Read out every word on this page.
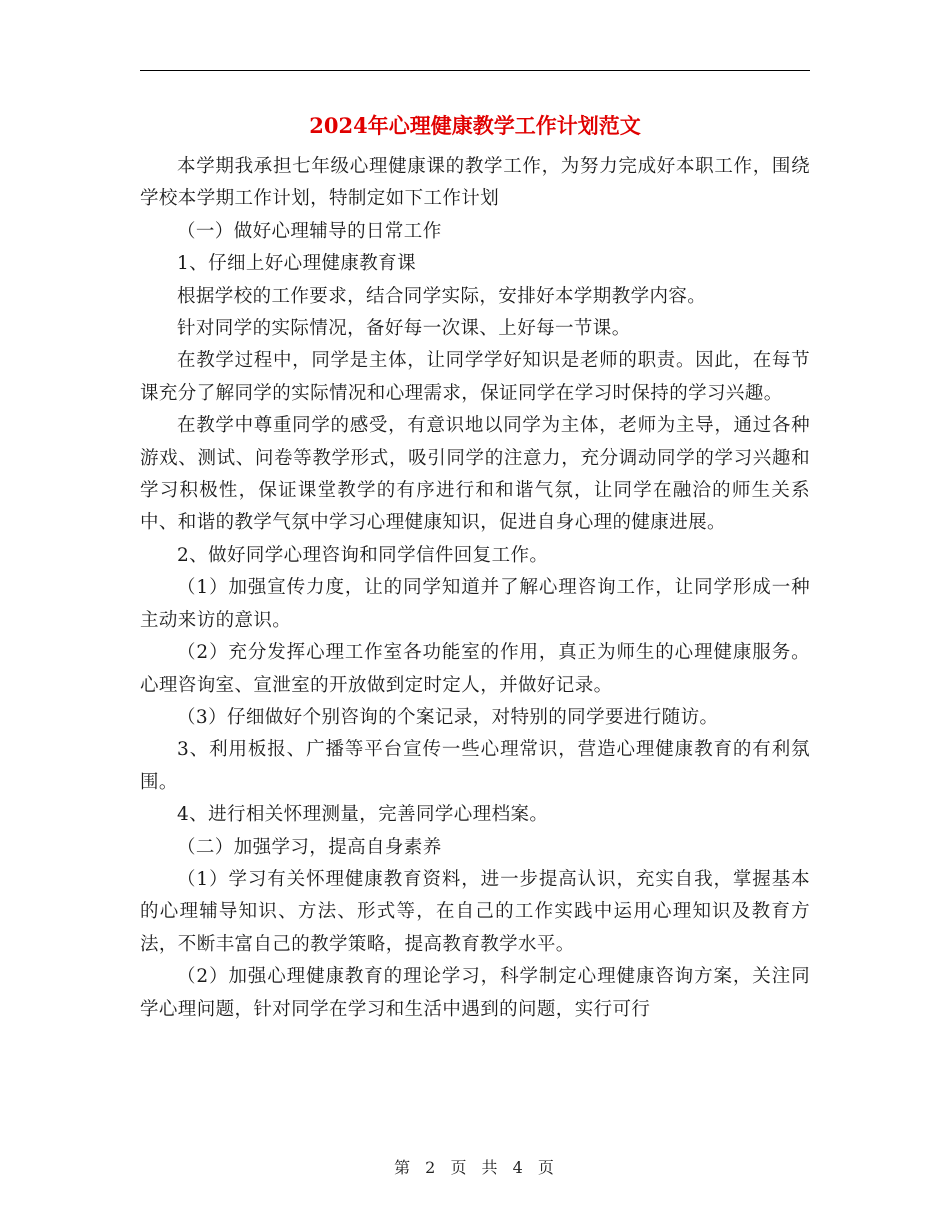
2024年心理健康教学工作计划范文

本学期我承担七年级心理健康课的教学工作，为努力完成好本职工作，围绕学校本学期工作计划，特制定如下工作计划

（一）做好心理辅导的日常工作

1、仔细上好心理健康教育课

根据学校的工作要求，结合同学实际，安排好本学期教学内容。

针对同学的实际情况，备好每一次课、上好每一节课。

在教学过程中，同学是主体，让同学学好知识是老师的职责。因此，在每节课充分了解同学的实际情况和心理需求，保证同学在学习时保持的学习兴趣。

在教学中尊重同学的感受，有意识地以同学为主体，老师为主导，通过各种游戏、测试、问卷等教学形式，吸引同学的注意力，充分调动同学的学习兴趣和学习积极性，保证课堂教学的有序进行和和谐气氛，让同学在融洽的师生关系中、和谐的教学气氛中学习心理健康知识，促进自身心理的健康进展。

2、做好同学心理咨询和同学信件回复工作。

（1）加强宣传力度，让的同学知道并了解心理咨询工作，让同学形成一种主动来访的意识。

（2）充分发挥心理工作室各功能室的作用，真正为师生的心理健康服务。心理咨询室、宣泄室的开放做到定时定人，并做好记录。

（3）仔细做好个别咨询的个案记录，对特别的同学要进行随访。

3、利用板报、广播等平台宣传一些心理常识，营造心理健康教育的有利氛围。

4、进行相关怀理测量，完善同学心理档案。

（二）加强学习，提高自身素养

（1）学习有关怀理健康教育资料，进一步提高认识，充实自我，掌握基本的心理辅导知识、方法、形式等，在自己的工作实践中运用心理知识及教育方法，不断丰富自己的教学策略，提高教育教学水平。

（2）加强心理健康教育的理论学习，科学制定心理健康咨询方案，关注同学心理问题，针对同学在学习和生活中遇到的问题，实行可行

第 2 页 共 4 页
